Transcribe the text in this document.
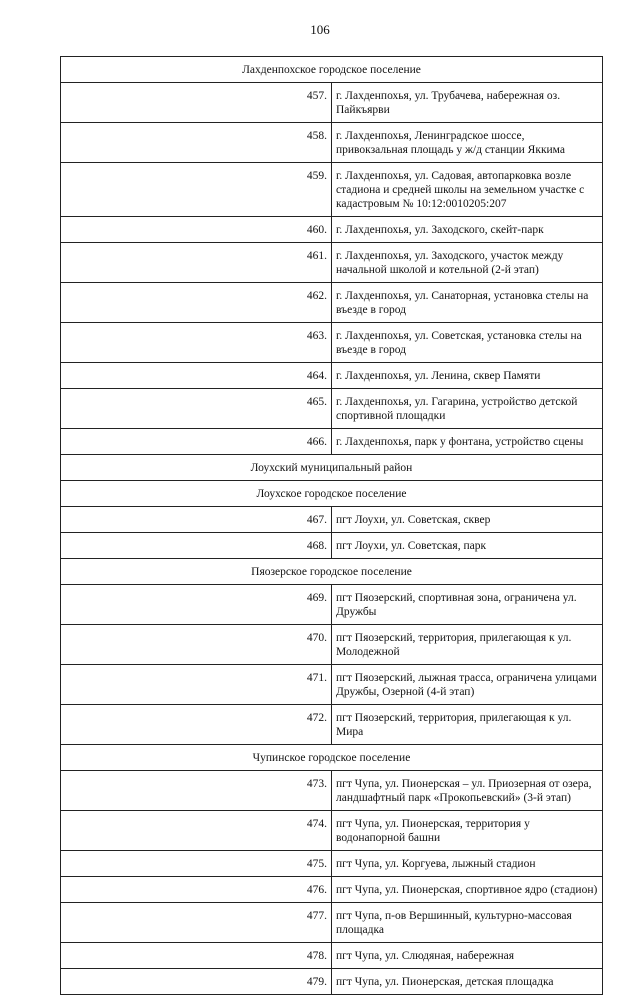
106
Лахденпохское городское поселение	
457.	г. Лахденпохья, ул. Трубачева, набережная оз. Пайкъярви
458.	г. Лахденпохья, Ленинградское шоссе, привокзальная площадь у ж/д станции Яккима
459.	г. Лахденпохья, ул. Садовая, автопарковка возле стадиона и средней школы на земельном участке с кадастровым № 10:12:0010205:207
460.	г. Лахденпохья, ул. Заходского, скейт-парк
461.	г. Лахденпохья, ул. Заходского, участок между начальной школой и котельной (2-й этап)
462.	г. Лахденпохья, ул. Санаторная, установка стелы на въезде в город
463.	г. Лахденпохья, ул. Советская, установка стелы на въезде в город
464.	г. Лахденпохья, ул. Ленина, сквер Памяти
465.	г. Лахденпохья, ул. Гагарина, устройство детской спортивной площадки
466.	г. Лахденпохья, парк у фонтана, устройство сцены
Лоухский муниципальный район	
Лоухское городское поселение	
467.	пгт Лоухи, ул. Советская, сквер
468.	пгт Лоухи, ул. Советская, парк
Пяозерское городское поселение	
469.	пгт Пяозерский, спортивная зона, ограничена ул. Дружбы
470.	пгт Пяозерский, территория, прилегающая к ул. Молодежной
471.	пгт Пяозерский, лыжная трасса, ограничена улицами Дружбы, Озерной (4-й этап)
472.	пгт Пяозерский, территория, прилегающая к ул. Мира
Чупинское городское поселение	
473.	пгт Чупа, ул. Пионерская – ул. Приозерная от озера, ландшафтный парк «Прокопьевский» (3-й этап)
474.	пгт Чупа, ул. Пионерская, территория у водонапорной башни
475.	пгт Чупа, ул. Коргуева, лыжный стадион
476.	пгт Чупа, ул. Пионерская, спортивное ядро (стадион)
477.	пгт Чупа, п-ов Вершинный, культурно-массовая площадка
478.	пгт Чупа, ул. Слюдяная, набережная
479.	пгт Чупа, ул. Пионерская, детская площадка
